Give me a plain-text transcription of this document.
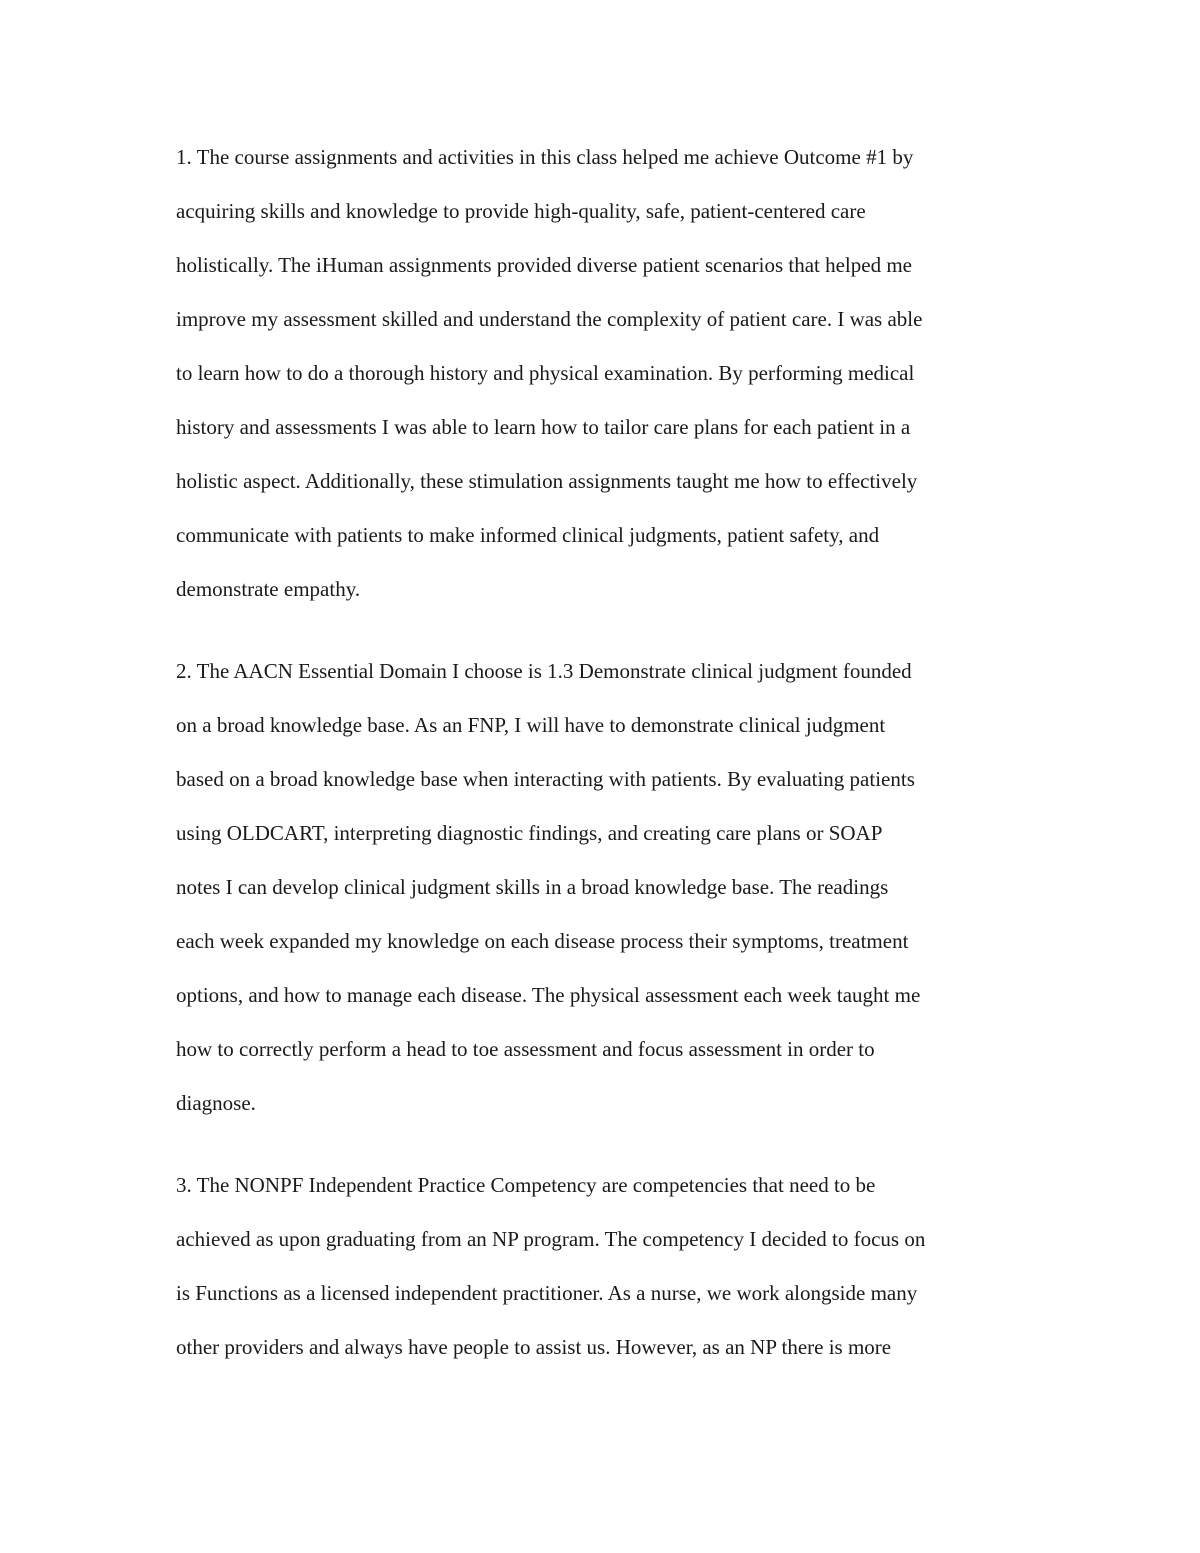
1. The course assignments and activities in this class helped me achieve Outcome #1 by
acquiring skills and knowledge to provide high-quality, safe, patient-centered care
holistically. The iHuman assignments provided diverse patient scenarios that helped me
improve my assessment skilled and understand the complexity of patient care. I was able
to learn how to do a thorough history and physical examination. By performing medical
history and assessments I was able to learn how to tailor care plans for each patient in a
holistic aspect. Additionally, these stimulation assignments taught me how to effectively
communicate with patients to make informed clinical judgments, patient safety, and
demonstrate empathy.
2. The AACN Essential Domain I choose is 1.3 Demonstrate clinical judgment founded
on a broad knowledge base. As an FNP, I will have to demonstrate clinical judgment
based on a broad knowledge base when interacting with patients. By evaluating patients
using OLDCART, interpreting diagnostic findings, and creating care plans or SOAP
notes I can develop clinical judgment skills in a broad knowledge base. The readings
each week expanded my knowledge on each disease process their symptoms, treatment
options, and how to manage each disease. The physical assessment each week taught me
how to correctly perform a head to toe assessment and focus assessment in order to
diagnose.
3. The NONPF Independent Practice Competency are competencies that need to be
achieved as upon graduating from an NP program. The competency I decided to focus on
is Functions as a licensed independent practitioner. As a nurse, we work alongside many
other providers and always have people to assist us. However, as an NP there is more
